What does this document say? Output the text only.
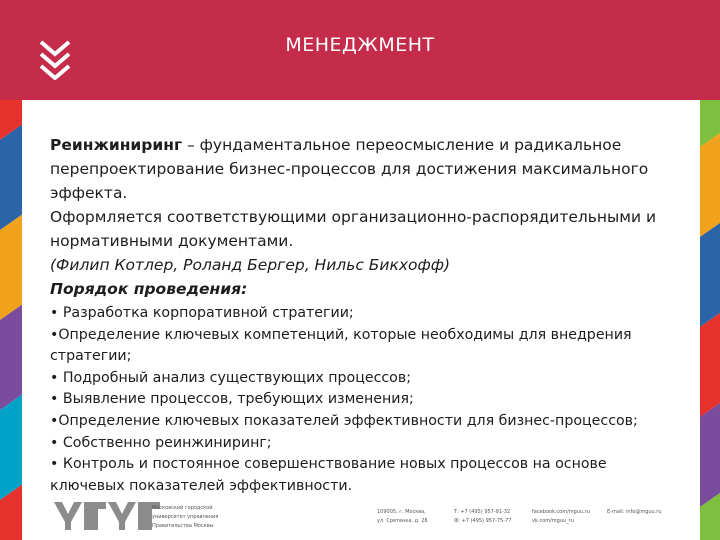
МЕНЕДЖМЕНТ
Реинжиниринг – фундаментальное переосмысление и радикальное перепроектирование бизнес-процессов для достижения максимального эффекта.
Оформляется соответствующими организационно-распорядительными и нормативными документами.
(Филип Котлер, Роланд Бергер, Нильс Бикхофф)
Порядок проведения:
• Разработка корпоративной стратегии;
•Определение ключевых компетенций, которые необходимы для внедрения стратегии;
• Подробный анализ существующих процессов;
• Выявление процессов, требующих изменения;
•Определение ключевых показателей эффективности для бизнес-процессов;
• Собственно реинжиниринг;
• Контроль и постоянное совершенствование новых процессов на основе ключевых показателей эффективности.
Московский городской
университет управления
Правительства Москвы
109005, г. Москва,
ул. Сретенка, д. 28
Т: +7 (495) 957-91-32
Ф: +7 (495) 957-75-77
facebook.com/mguu.ru
vk.com/mguu_ru
E-mail: info@mguu.ru
